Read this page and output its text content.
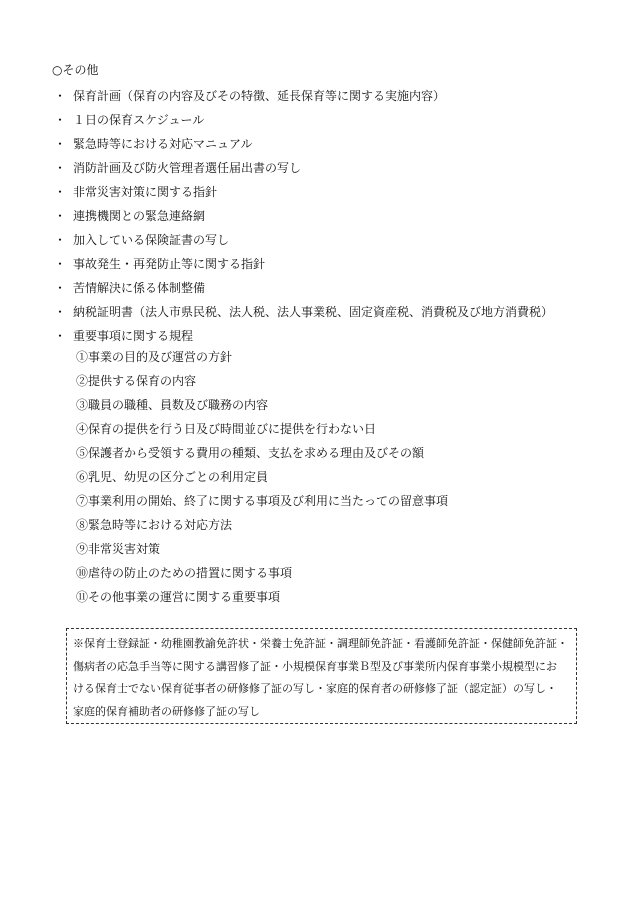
○その他
・ 保育計画（保育の内容及びその特徴、延長保育等に関する実施内容）
・ １日の保育スケジュール
・ 緊急時等における対応マニュアル
・ 消防計画及び防火管理者選任届出書の写し
・ 非常災害対策に関する指針
・ 連携機関との緊急連絡網
・ 加入している保険証書の写し
・ 事故発生・再発防止等に関する指針
・ 苦情解決に係る体制整備
・ 納税証明書（法人市県民税、法人税、法人事業税、固定資産税、消費税及び地方消費税）
・ 重要事項に関する規程
①事業の目的及び運営の方針
②提供する保育の内容
③職員の職種、員数及び職務の内容
④保育の提供を行う日及び時間並びに提供を行わない日
⑤保護者から受領する費用の種類、支払を求める理由及びその額
⑥乳児、幼児の区分ごとの利用定員
⑦事業利用の開始、終了に関する事項及び利用に当たっての留意事項
⑧緊急時等における対応方法
⑨非常災害対策
⑩虐待の防止のための措置に関する事項
⑪その他事業の運営に関する重要事項
※保育士登録証・幼稚園教諭免許状・栄養士免許証・調理師免許証・看護師免許証・保健師免許証・
傷病者の応急手当等に関する講習修了証・小規模保育事業Ｂ型及び事業所内保育事業小規模型にお
ける保育士でない保育従事者の研修修了証の写し・家庭的保育者の研修修了証（認定証）の写し・
家庭的保育補助者の研修修了証の写し
